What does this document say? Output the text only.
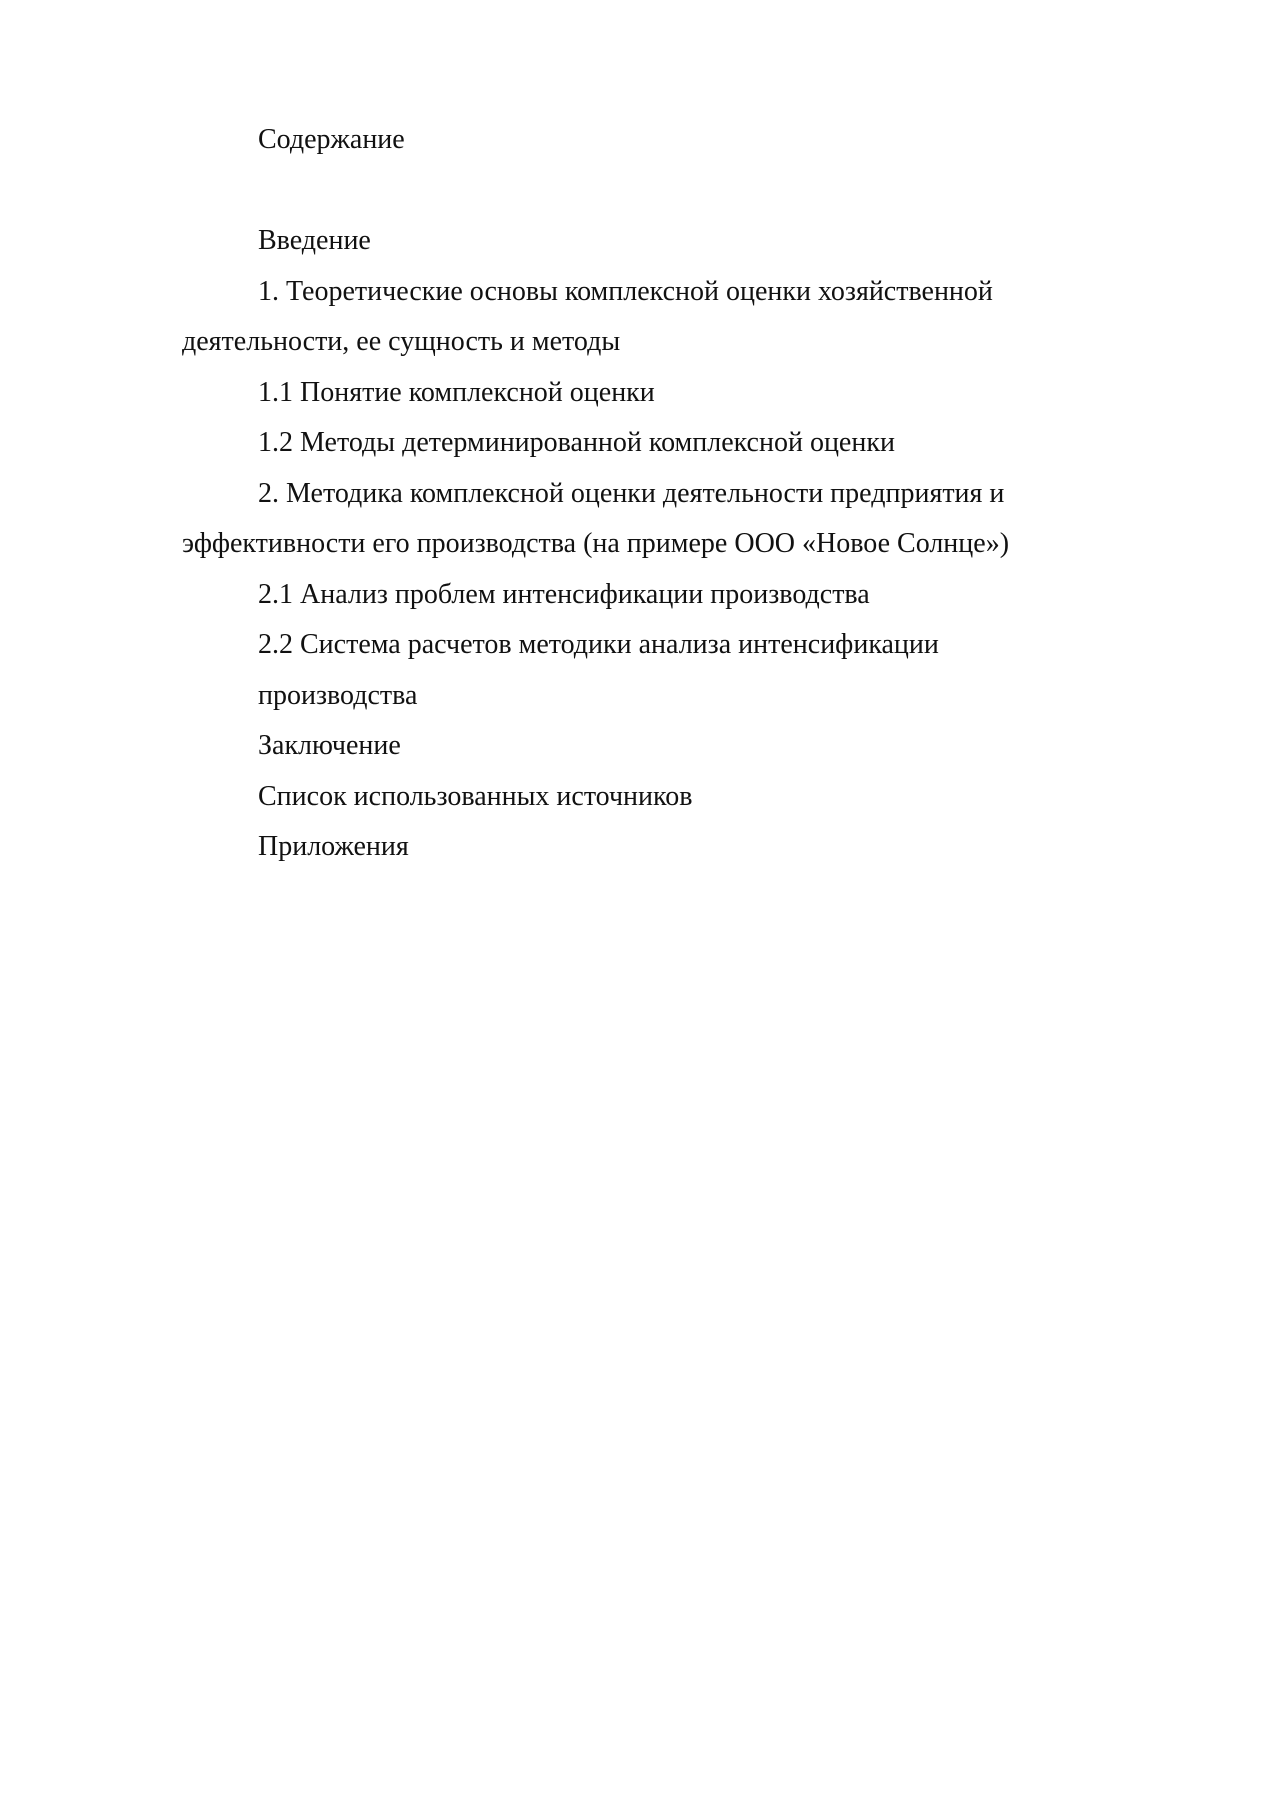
Содержание

Введение

1. Теоретические основы комплексной оценки хозяйственной
деятельности, ее сущность и методы

1.1 Понятие комплексной оценки

1.2 Методы детерминированной комплексной оценки

2. Методика комплексной оценки деятельности предприятия и
эффективности его производства (на примере ООО «Новое Солнце»)

2.1 Анализ проблем интенсификации производства

2.2 Система расчетов методики анализа интенсификации
производства

Заключение

Список использованных источников

Приложения
